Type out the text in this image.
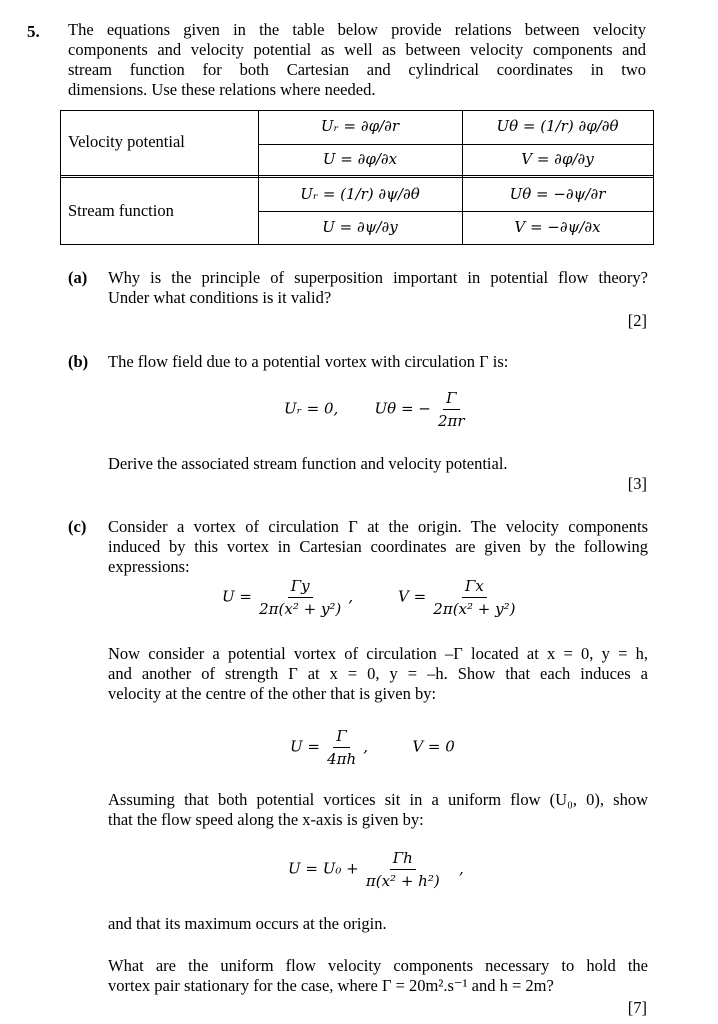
5. The equations given in the table below provide relations between velocity
components and velocity potential as well as between velocity components and
stream function for both Cartesian and cylindrical coordinates in two
dimensions. Use these relations where needed.
Velocity potential
Uᵣ = ∂φ/∂r	Uθ = (1/r) ∂φ/∂θ
U = ∂φ/∂x	V = ∂φ/∂y
Stream function
Uᵣ = (1/r) ∂ψ/∂θ	Uθ = −∂ψ/∂r
U = ∂ψ/∂y	V = −∂ψ/∂x
(a) Why is the principle of superposition important in potential flow theory?
Under what conditions is it valid?
[2]
(b) The flow field due to a potential vortex with circulation Γ is:
Uᵣ = 0, Uθ = − $\frac{\Gamma}{2\pi r}$
Derive the associated stream function and velocity potential.
[3]
(c) Consider a vortex of circulation Γ at the origin. The velocity components
induced by this vortex in Cartesian coordinates are given by the following
expressions:
$U = \frac{\Gamma y}{\text{2π(x² + y²)}}$ ,	$V = \frac{\Gamma x}{\text{2π(x² + y²)}}$
Now consider a potential vortex of circulation –Γ located at x = 0, y = h,
and another of strength Γ at x = 0, y = –h. Show that each induces a
velocity at the centre of the other that is given by:
$U = \frac{\Gamma}{4\pi h}$ ,	V = 0
Assuming that both potential vortices sit in a uniform flow (U₀, 0), show
that the flow speed along the x-axis is given by:
$U = U_0 + \frac{\Gamma h}{\text{π(x² + h²)}}$ ,
and that its maximum occurs at the origin.
What are the uniform flow velocity components necessary to hold the
vortex pair stationary for the case, where Γ = 20m².s⁻¹ and h = 2m?
[7]
